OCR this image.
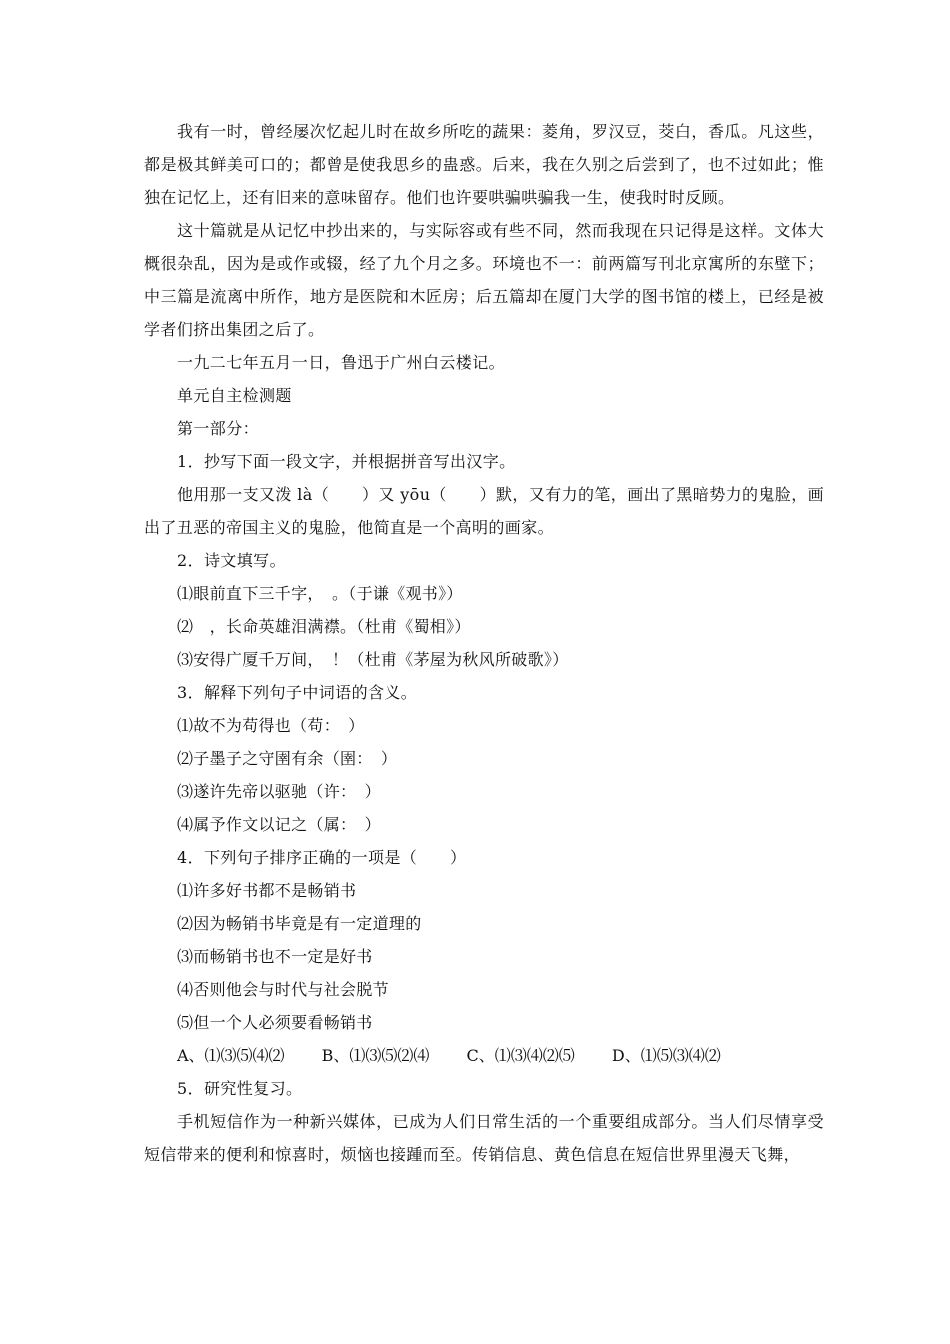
我有一时，曾经屡次忆起儿时在故乡所吃的蔬果：菱角，罗汉豆，茭白，香瓜。凡这些，都是极其鲜美可口的；都曾是使我思乡的蛊惑。后来，我在久别之后尝到了，也不过如此；惟独在记忆上，还有旧来的意味留存。他们也许要哄骗哄骗我一生，使我时时反顾。

这十篇就是从记忆中抄出来的，与实际容或有些不同，然而我现在只记得是这样。文体大概很杂乱，因为是或作或辍，经了九个月之多。环境也不一：前两篇写刊北京寓所的东壁下；中三篇是流离中所作，地方是医院和木匠房；后五篇却在厦门大学的图书馆的楼上，已经是被学者们挤出集团之后了。

一九二七年五月一日，鲁迅于广州白云楼记。

单元自主检测题

第一部分：

1．抄写下面一段文字，并根据拼音写出汉字。

他用那一支又泼 là（　　）又 yōu（　　）默，又有力的笔，画出了黑暗势力的鬼脸，画出了丑恶的帝国主义的鬼脸，他简直是一个高明的画家。

2．诗文填写。

⑴眼前直下三千字，　。（于谦《观书》）

⑵　，长命英雄泪满襟。（杜甫《蜀相》）

⑶安得广厦千万间，　！（杜甫《茅屋为秋风所破歌》）

3．解释下列句子中词语的含义。

⑴故不为苟得也（苟：　）

⑵子墨子之守圉有余（圉：　）

⑶遂许先帝以驱驰（许：　）

⑷属予作文以记之（属：　）

4．下列句子排序正确的一项是（　　）

⑴许多好书都不是畅销书

⑵因为畅销书毕竟是有一定道理的

⑶而畅销书也不一定是好书

⑷否则他会与时代与社会脱节

⑸但一个人必须要看畅销书

A、⑴⑶⑸⑷⑵ B、⑴⑶⑸⑵⑷ C、⑴⑶⑷⑵⑸ D、⑴⑸⑶⑷⑵

5．研究性复习。

手机短信作为一种新兴媒体，已成为人们日常生活的一个重要组成部分。当人们尽情享受短信带来的便利和惊喜时，烦恼也接踵而至。传销信息、黄色信息在短信世界里漫天飞舞，
